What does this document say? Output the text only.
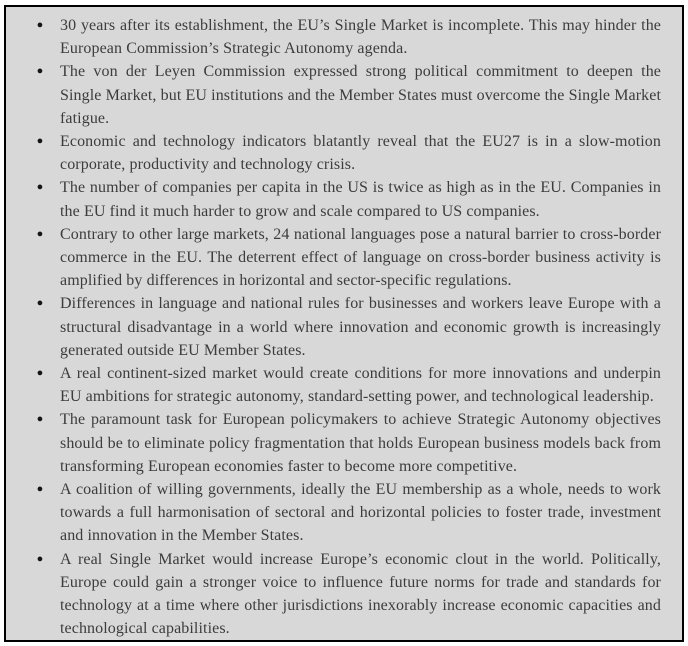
●	30 years after its establishment, the EU’s Single Market is incomplete. This may hinder the European Commission’s Strategic Autonomy agenda.
●	The von der Leyen Commission expressed strong political commitment to deepen the Single Market, but EU institutions and the Member States must overcome the Single Market fatigue.
●	Economic and technology indicators blatantly reveal that the EU27 is in a slow-motion corporate, productivity and technology crisis.
●	The number of companies per capita in the US is twice as high as in the EU. Companies in the EU find it much harder to grow and scale compared to US companies.
●	Contrary to other large markets, 24 national languages pose a natural barrier to cross-border commerce in the EU. The deterrent effect of language on cross-border business activity is amplified by differences in horizontal and sector-specific regulations.
●	Differences in language and national rules for businesses and workers leave Europe with a structural disadvantage in a world where innovation and economic growth is increasingly generated outside EU Member States.
●	A real continent-sized market would create conditions for more innovations and underpin EU ambitions for strategic autonomy, standard-setting power, and technological leadership.
●	The paramount task for European policymakers to achieve Strategic Autonomy objectives should be to eliminate policy fragmentation that holds European business models back from transforming European economies faster to become more competitive.
●	A coalition of willing governments, ideally the EU membership as a whole, needs to work towards a full harmonisation of sectoral and horizontal policies to foster trade, investment and innovation in the Member States.
●	A real Single Market would increase Europe’s economic clout in the world. Politically, Europe could gain a stronger voice to influence future norms for trade and standards for technology at a time where other jurisdictions inexorably increase economic capacities and technological capabilities.
